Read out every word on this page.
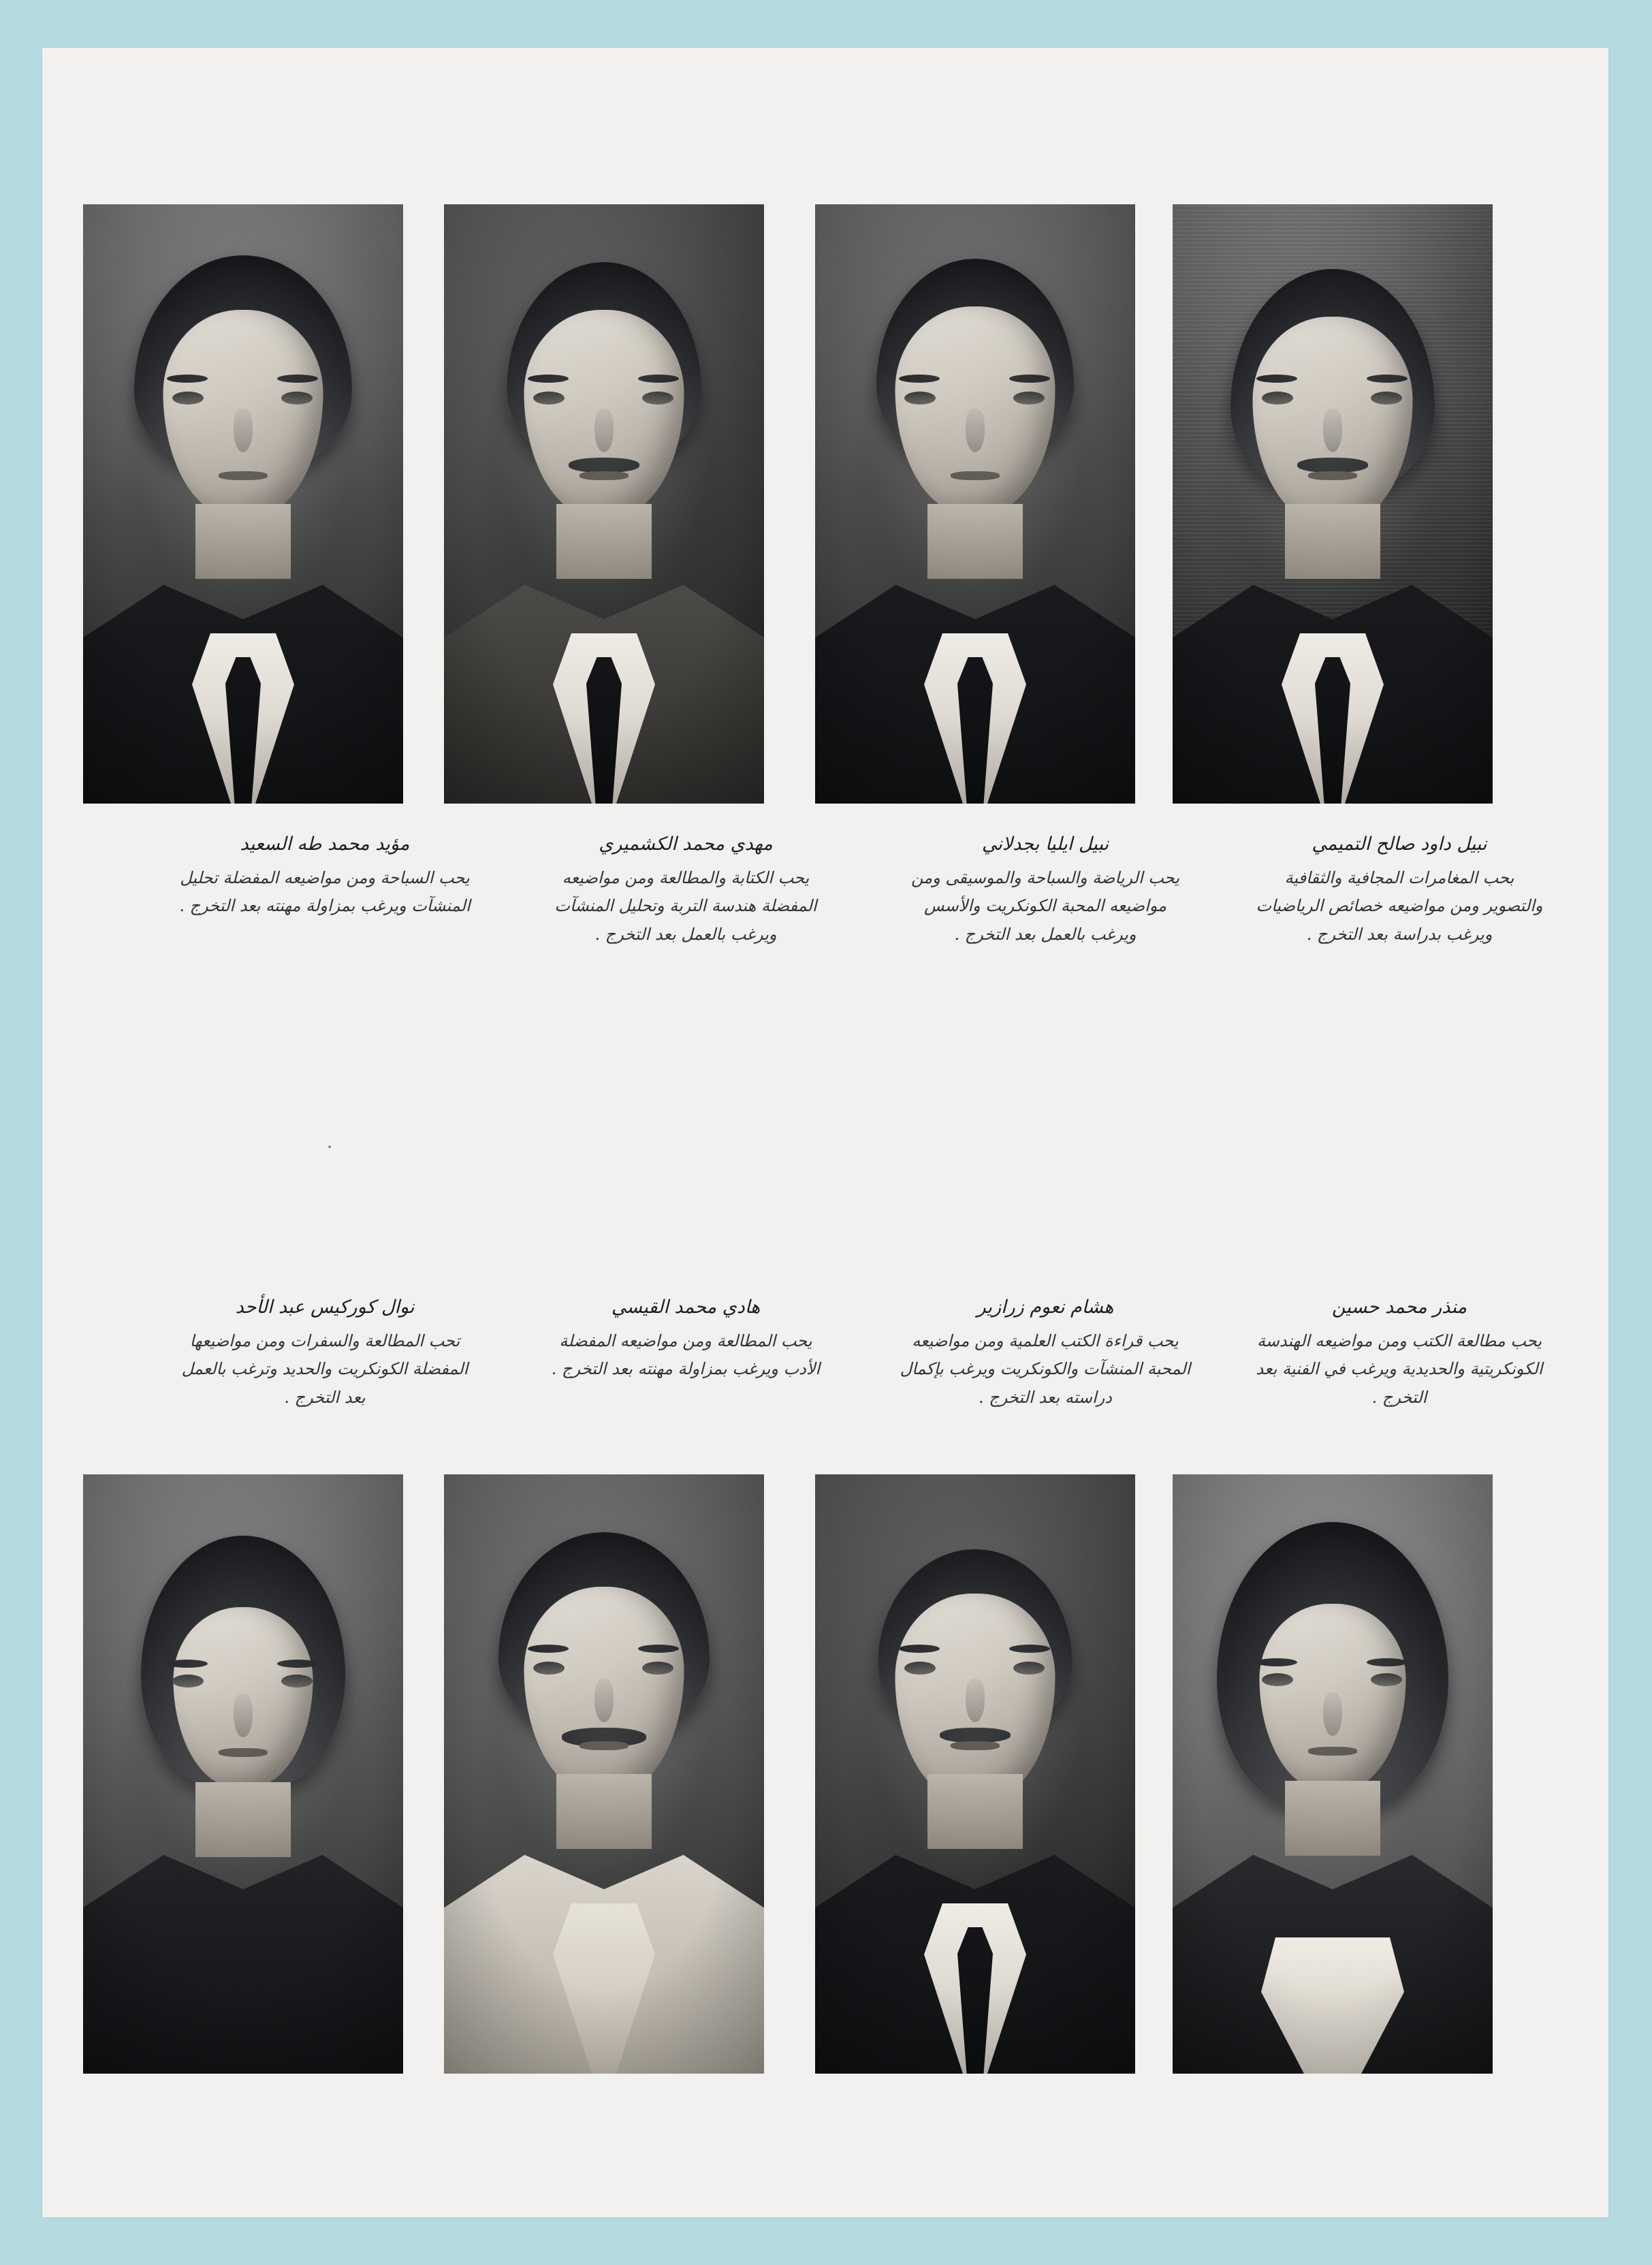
نبيل داود صالح التميمي
بحب المغامرات المجافية والثقافية والتصوير ومن مواضيعه خصائص الرياضيات ويرغب بدراسة بعد التخرج .
نبيل ايليا بجدلاني
يحب الرياضة والسباحة والموسيقى ومن مواضيعه المحبة الكونكريت والأسس ويرغب بالعمل بعد التخرج .
مهدي محمد الكشميري
يحب الكتابة والمطالعة ومن مواضيعه المفضلة هندسة التربة وتحليل المنشآت ويرغب بالعمل بعد التخرج .
مؤيد محمد طه السعيد
يحب السباحة ومن مواضيعه المفضلة تحليل المنشآت ويرغب بمزاولة مهنته بعد التخرج .
منذر محمد حسين
يحب مطالعة الكتب ومن مواضيعه الهندسة الكونكريتية والحديدية ويرغب في الفنية بعد التخرج .
هشام نعوم زرازير
يحب قراءة الكتب العلمية ومن مواضيعه المحبة المنشآت والكونكريت ويرغب بإكمال دراسته بعد التخرج .
هادي محمد القيسي
يحب المطالعة ومن مواضيعه المفضلة الأدب ويرغب بمزاولة مهنته بعد التخرج .
نوال كوركيس عبد الأحد
تحب المطالعة والسفرات ومن مواضيعها المفضلة الكونكريت والحديد وترغب بالعمل بعد التخرج .
